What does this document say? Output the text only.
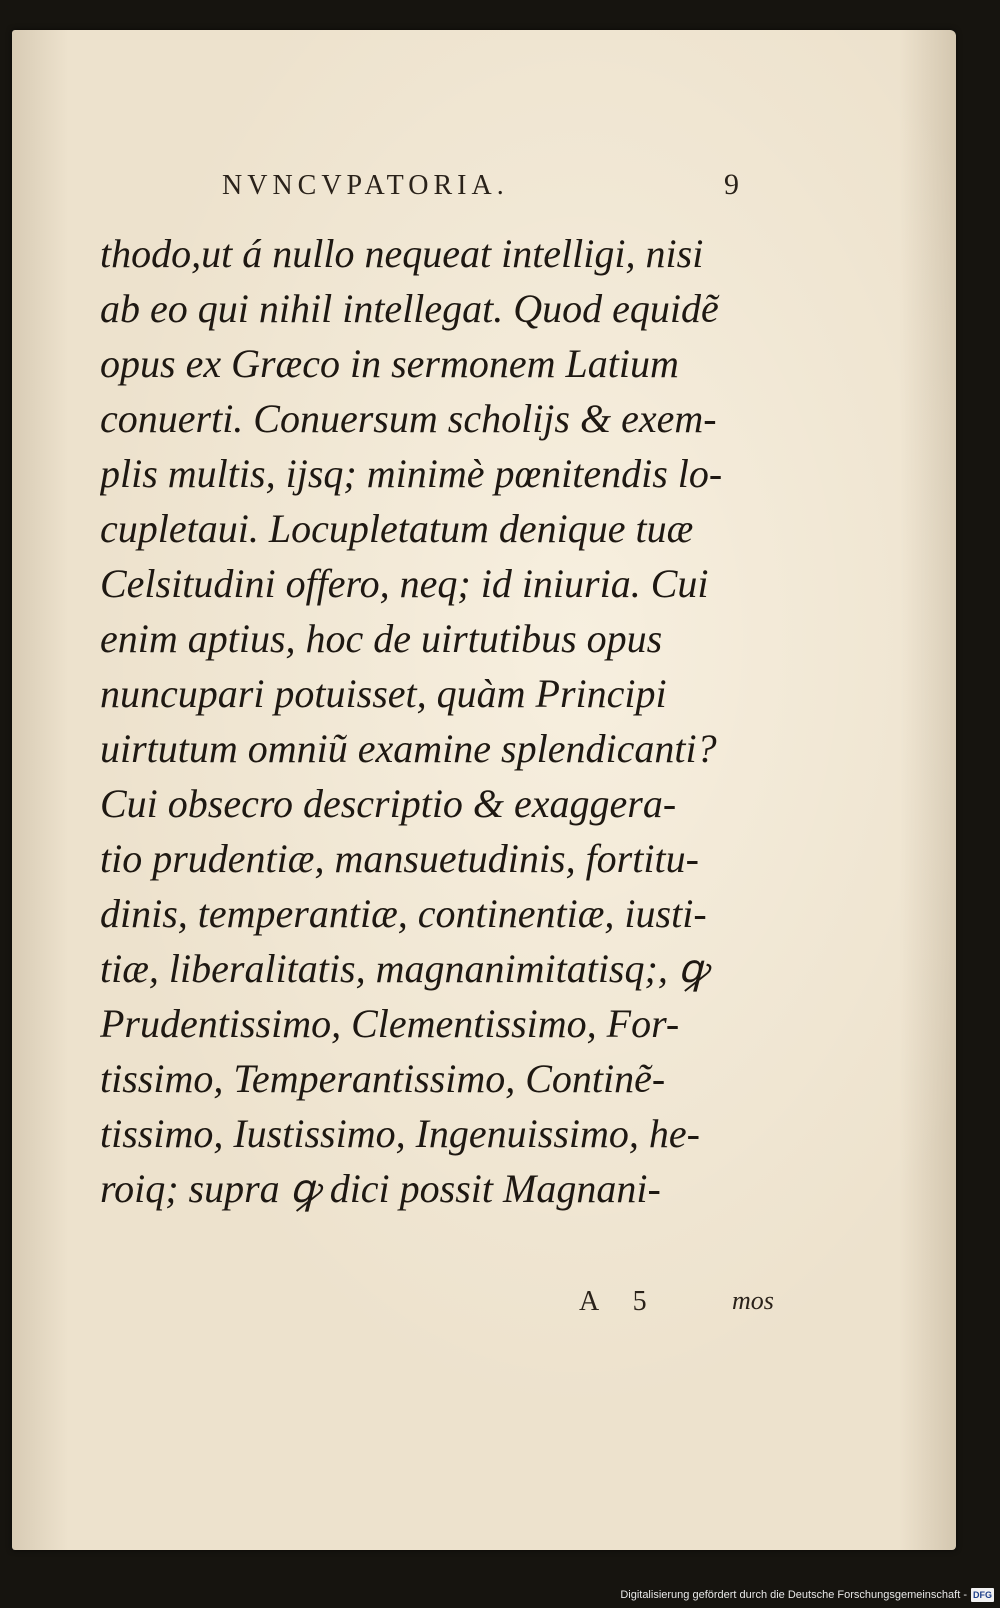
NVNCVPATORIA.	9
thodo,ut á nullo nequeat intelligi, nisi
ab eo qui nihil intellegat. Quod equidẽ
opus ex Græco in sermonem Latium
conuerti. Conuersum scholijs & exem-
plis multis, ijsq; minimè pœnitendis lo-
cupletaui. Locupletatum denique tuæ
Celsitudini offero, neq; id iniuria. Cui
enim aptius, hoc de uirtutibus opus
nuncupari potuisset, quàm Principi
uirtutum omniũ examine splendicanti?
Cui obsecro descriptio & exaggera-
tio prudentiæ, mansuetudinis, fortitu-
dinis, temperantiæ, continentiæ, iusti-
tiæ, liberalitatis, magnanimitatisq;, ꝙ
Prudentissimo, Clementissimo, For-
tissimo, Temperantissimo, Continẽ-
tissimo, Iustissimo, Ingenuissimo, he-
roiq; supra ꝙ dici possit Magnani-
A 5	mos
Digitalisierung gefördert durch die Deutsche Forschungsgemeinschaft - DFG
